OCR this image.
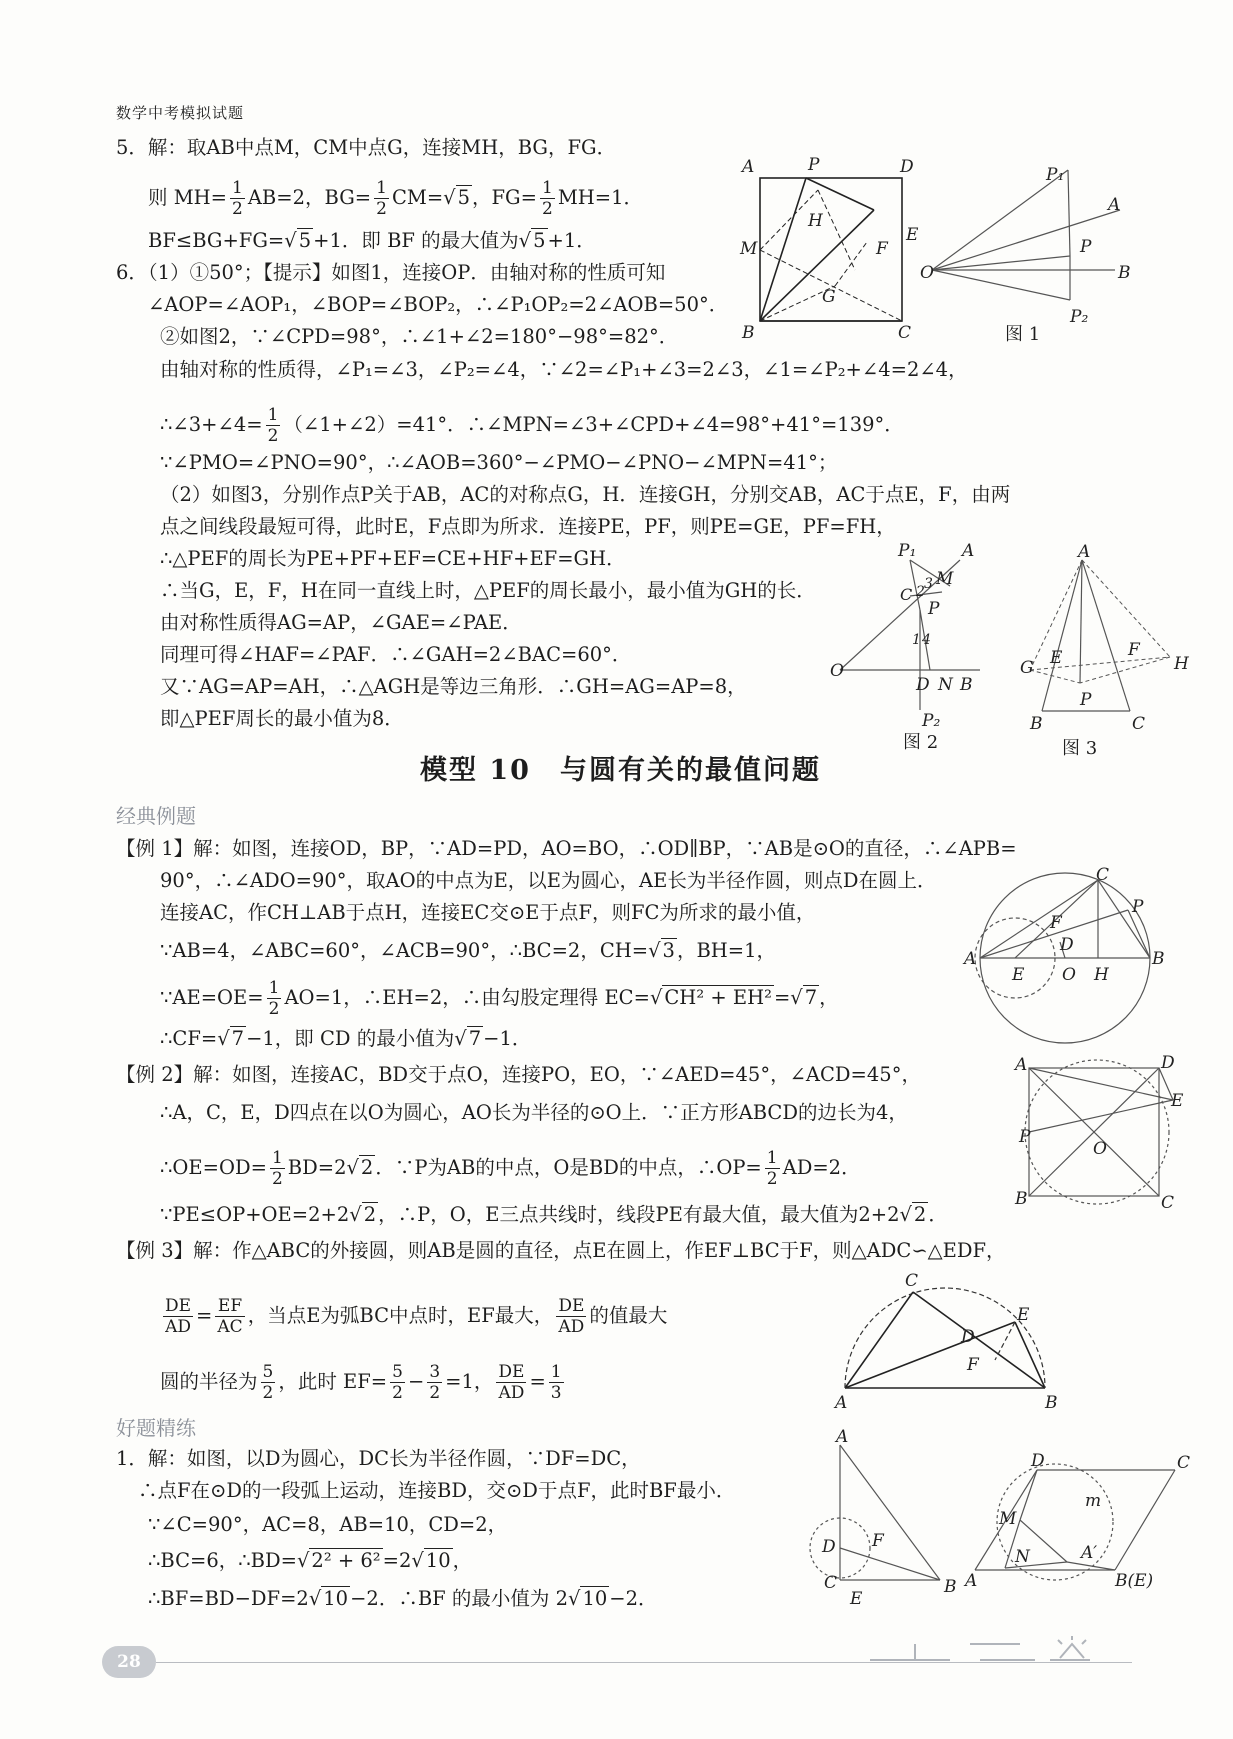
数学中考模拟试题
5．解：取AB中点M，CM中点G，连接MH，BG，FG．
则 $MH= \frac{1}{2} AB=2$，$BG= \frac{1}{2} CM=√$ 5 ，$FG= \frac{1}{2} MH=1$．
BF≤BG+FG=√ 5 +1．即 BF 的最大值为√ 5 +1．
6．（1）①50°；【提示】如图1，连接OP．由轴对称的性质可知
∠AOP=∠AOP₁，∠BOP=∠BOP₂，∴∠P₁OP₂=2∠AOB=50°．
②如图2，∵∠CPD=98°，∴∠1+∠2=180°−98°=82°．
由轴对称的性质得，∠P₁=∠3，∠P₂=∠4，∵∠2=∠P₁+∠3=2∠3，∠1=∠P₂+∠4=2∠4，
∴∠3+∠4= $\frac{1}{2}$ （∠1+∠2）=41°．∴∠MPN=∠3+∠CPD+∠4=98°+41°=139°．
∵∠PMO=∠PNO=90°，∴∠AOB=360°−∠PMO−∠PNO−∠MPN=41°；
（2）如图3，分别作点P关于AB，AC的对称点G，H．连接GH，分别交AB，AC于点E，F，由两
点之间线段最短可得，此时E，F点即为所求．连接PE，PF，则PE=GE，PF=FH，
∴△PEF的周长为PE+PF+EF=CE+HF+EF=GH．
∴当G，E，F，H在同一直线上时，△PEF的周长最小，最小值为GH的长．
由对称性质得AG=AP，∠GAE=∠PAE．
同理可得∠HAF=∠PAF．∴∠GAH=2∠BAC=60°．
又∵AG=AP=AH，∴△AGH是等边三角形．∴GH=AG=AP=8，
即△PEF周长的最小值为8．
模型 10　与圆有关的最值问题
经典例题
【例 1】解：如图，连接OD，BP，∵AD=PD，AO=BO，∴OD∥BP，∵AB是⊙O的直径，∴∠APB=
90°，∴∠ADO=90°，取AO的中点为E，以E为圆心，AE长为半径作圆，则点D在圆上．
连接AC，作CH⊥AB于点H，连接EC交⊙E于点F，则FC为所求的最小值，
∵AB=4，∠ABC=60°，∠ACB=90°，∴BC=2，CH=√ 3 ，BH=1，
∵AE=OE= $\frac{1}{2} AO=1$，∴EH=2，∴由勾股定理得 EC=√ CH² + EH² =√ 7 ，
∴CF=√ 7 −1，即 CD 的最小值为√ 7 −1．
【例 2】解：如图，连接AC，BD交于点O，连接PO，EO，∵∠AED=45°，∠ACD=45°，
∴A，C，E，D四点在以O为圆心，AO长为半径的⊙O上．∵正方形ABCD的边长为4，
∴OE=OD= $\frac{1}{2} BD=2√$ 2 ．∵P为AB的中点，O是BD的中点，∴OP= $\frac{1}{2} AD=2$．
∵PE≤OP+OE=2+2√ 2 ，∴P，O，E三点共线时，线段PE有最大值，最大值为2+2√ 2 ．
【例 3】解：作△ABC的外接圆，则AB是圆的直径，点E在圆上，作EF⊥BC于F，则△ADC∽△EDF，
$\frac{DE}{AD} = \frac{EF}{AC}$ ，当点E为弧BC中点时，EF最大， $\frac{DE}{AD}$ 的值最大
圆的半径为 $\frac{5}{2}$ ，此时 $EF= \frac{5}{2} - \frac{3}{2} =1$， $\frac{DE}{AD} = \frac{1}{3}$
好题精练
1．解：如图，以D为圆心，DC长为半径作圆，∵DF=DC，
∴点F在⊙D的一段弧上运动，连接BD，交⊙D于点F，此时BF最小．
∵∠C=90°，AC=8，AB=10，CD=2，
∴BC=6，∴BD=√ 2² + 6² =2√ 10 ，
∴BF=BD−DF=2√ 10 −2．∴BF 的最小值为 2√ 10 −2．
A	P	D
H
M	F
E
G
B	C
P₁
A
P
O	B
P₂
图 1
P₁	A
M
C 2 3
P
1 4
O
D N B
P₂
图 2
A
G E	F
H
P
B	C
图 3
C
P
F
D
A
E O H
B
A	D
E
P
O
B	C
C
E
D
F
A	B
A
D F
C
E
B
D	C
m
M
N	A′
A	B(E)
28
